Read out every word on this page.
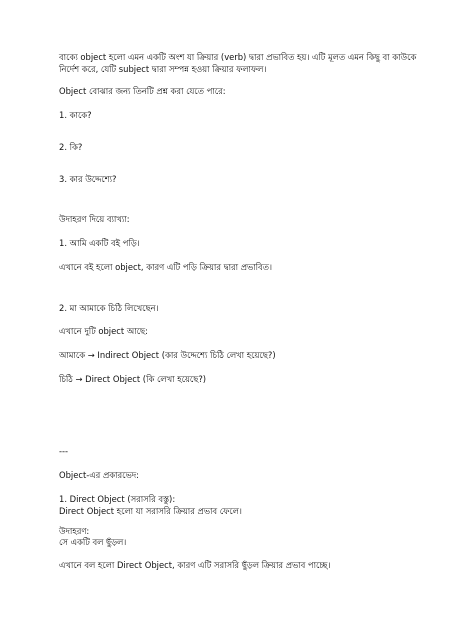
বাক্যে object হলো এমন একটি অংশ যা ক্রিয়ার (verb) দ্বারা প্রভাবিত হয়। এটি মূলত এমন কিছু বা কাউকে
নির্দেশ করে, যেটি subject দ্বারা সম্পন্ন হওয়া ক্রিয়ার ফলাফল।
Object বোঝার জন্য তিনটি প্রশ্ন করা যেতে পারে:
1. কাকে?
2. কি?
3. কার উদ্দেশ্যে?
উদাহরণ দিয়ে ব্যাখ্যা:
1. আমি একটি বই পড়ি।
এখানে বই হলো object, কারণ এটি পড়ি ক্রিয়ার দ্বারা প্রভাবিত।
2. মা আমাকে চিঠি লিখেছেন।
এখানে দুটি object আছে:
আমাকে → Indirect Object (কার উদ্দেশ্যে চিঠি লেখা হয়েছে?)
চিঠি → Direct Object (কি লেখা হয়েছে?)
---
Object-এর প্রকারভেদ:
1. Direct Object (সরাসরি বস্তু):
Direct Object হলো যা সরাসরি ক্রিয়ার প্রভাব ফেলে।
উদাহরণ:
সে একটি বল ছুঁড়ল।
এখানে বল হলো Direct Object, কারণ এটি সরাসরি ছুঁড়ল ক্রিয়ার প্রভাব পাচ্ছে।
